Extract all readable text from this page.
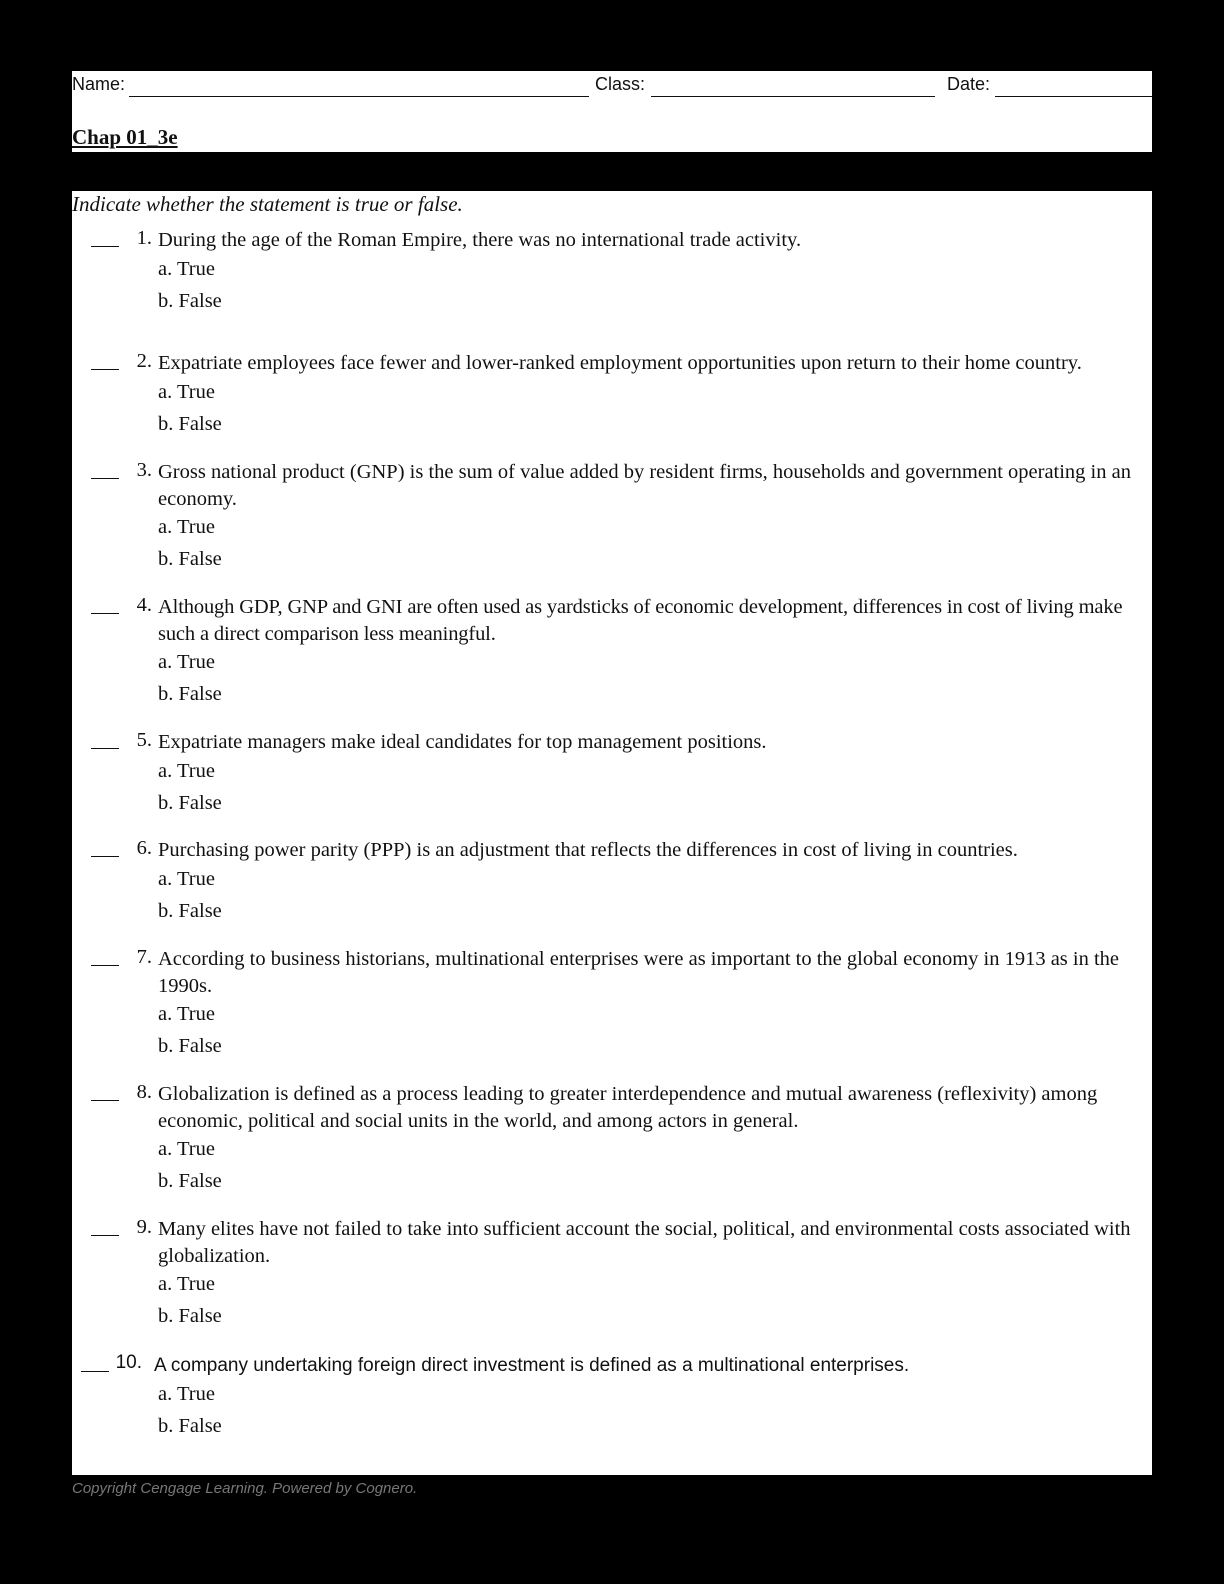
Name:	Class:	Date:
Chap 01_3e
Indicate whether the statement is true or false.
1. During the age of the Roman Empire, there was no international trade activity.
a. True
b. False
2. Expatriate employees face fewer and lower-ranked employment opportunities upon return to their home country.
a. True
b. False
3. Gross national product (GNP) is the sum of value added by resident firms, households and government operating in an economy.
a. True
b. False
4. Although GDP, GNP and GNI are often used as yardsticks of economic development, differences in cost of living make such a direct comparison less meaningful.
a. True
b. False
5. Expatriate managers make ideal candidates for top management positions.
a. True
b. False
6. Purchasing power parity (PPP) is an adjustment that reflects the differences in cost of living in countries.
a. True
b. False
7. According to business historians, multinational enterprises were as important to the global economy in 1913 as in the 1990s.
a. True
b. False
8. Globalization is defined as a process leading to greater interdependence and mutual awareness (reflexivity) among economic, political and social units in the world, and among actors in general.
a. True
b. False
9. Many elites have not failed to take into sufficient account the social, political, and environmental costs associated with globalization.
a. True
b. False
10. A company undertaking foreign direct investment is defined as a multinational enterprises.
a. True
b. False
Copyright Cengage Learning. Powered by Cognero.
